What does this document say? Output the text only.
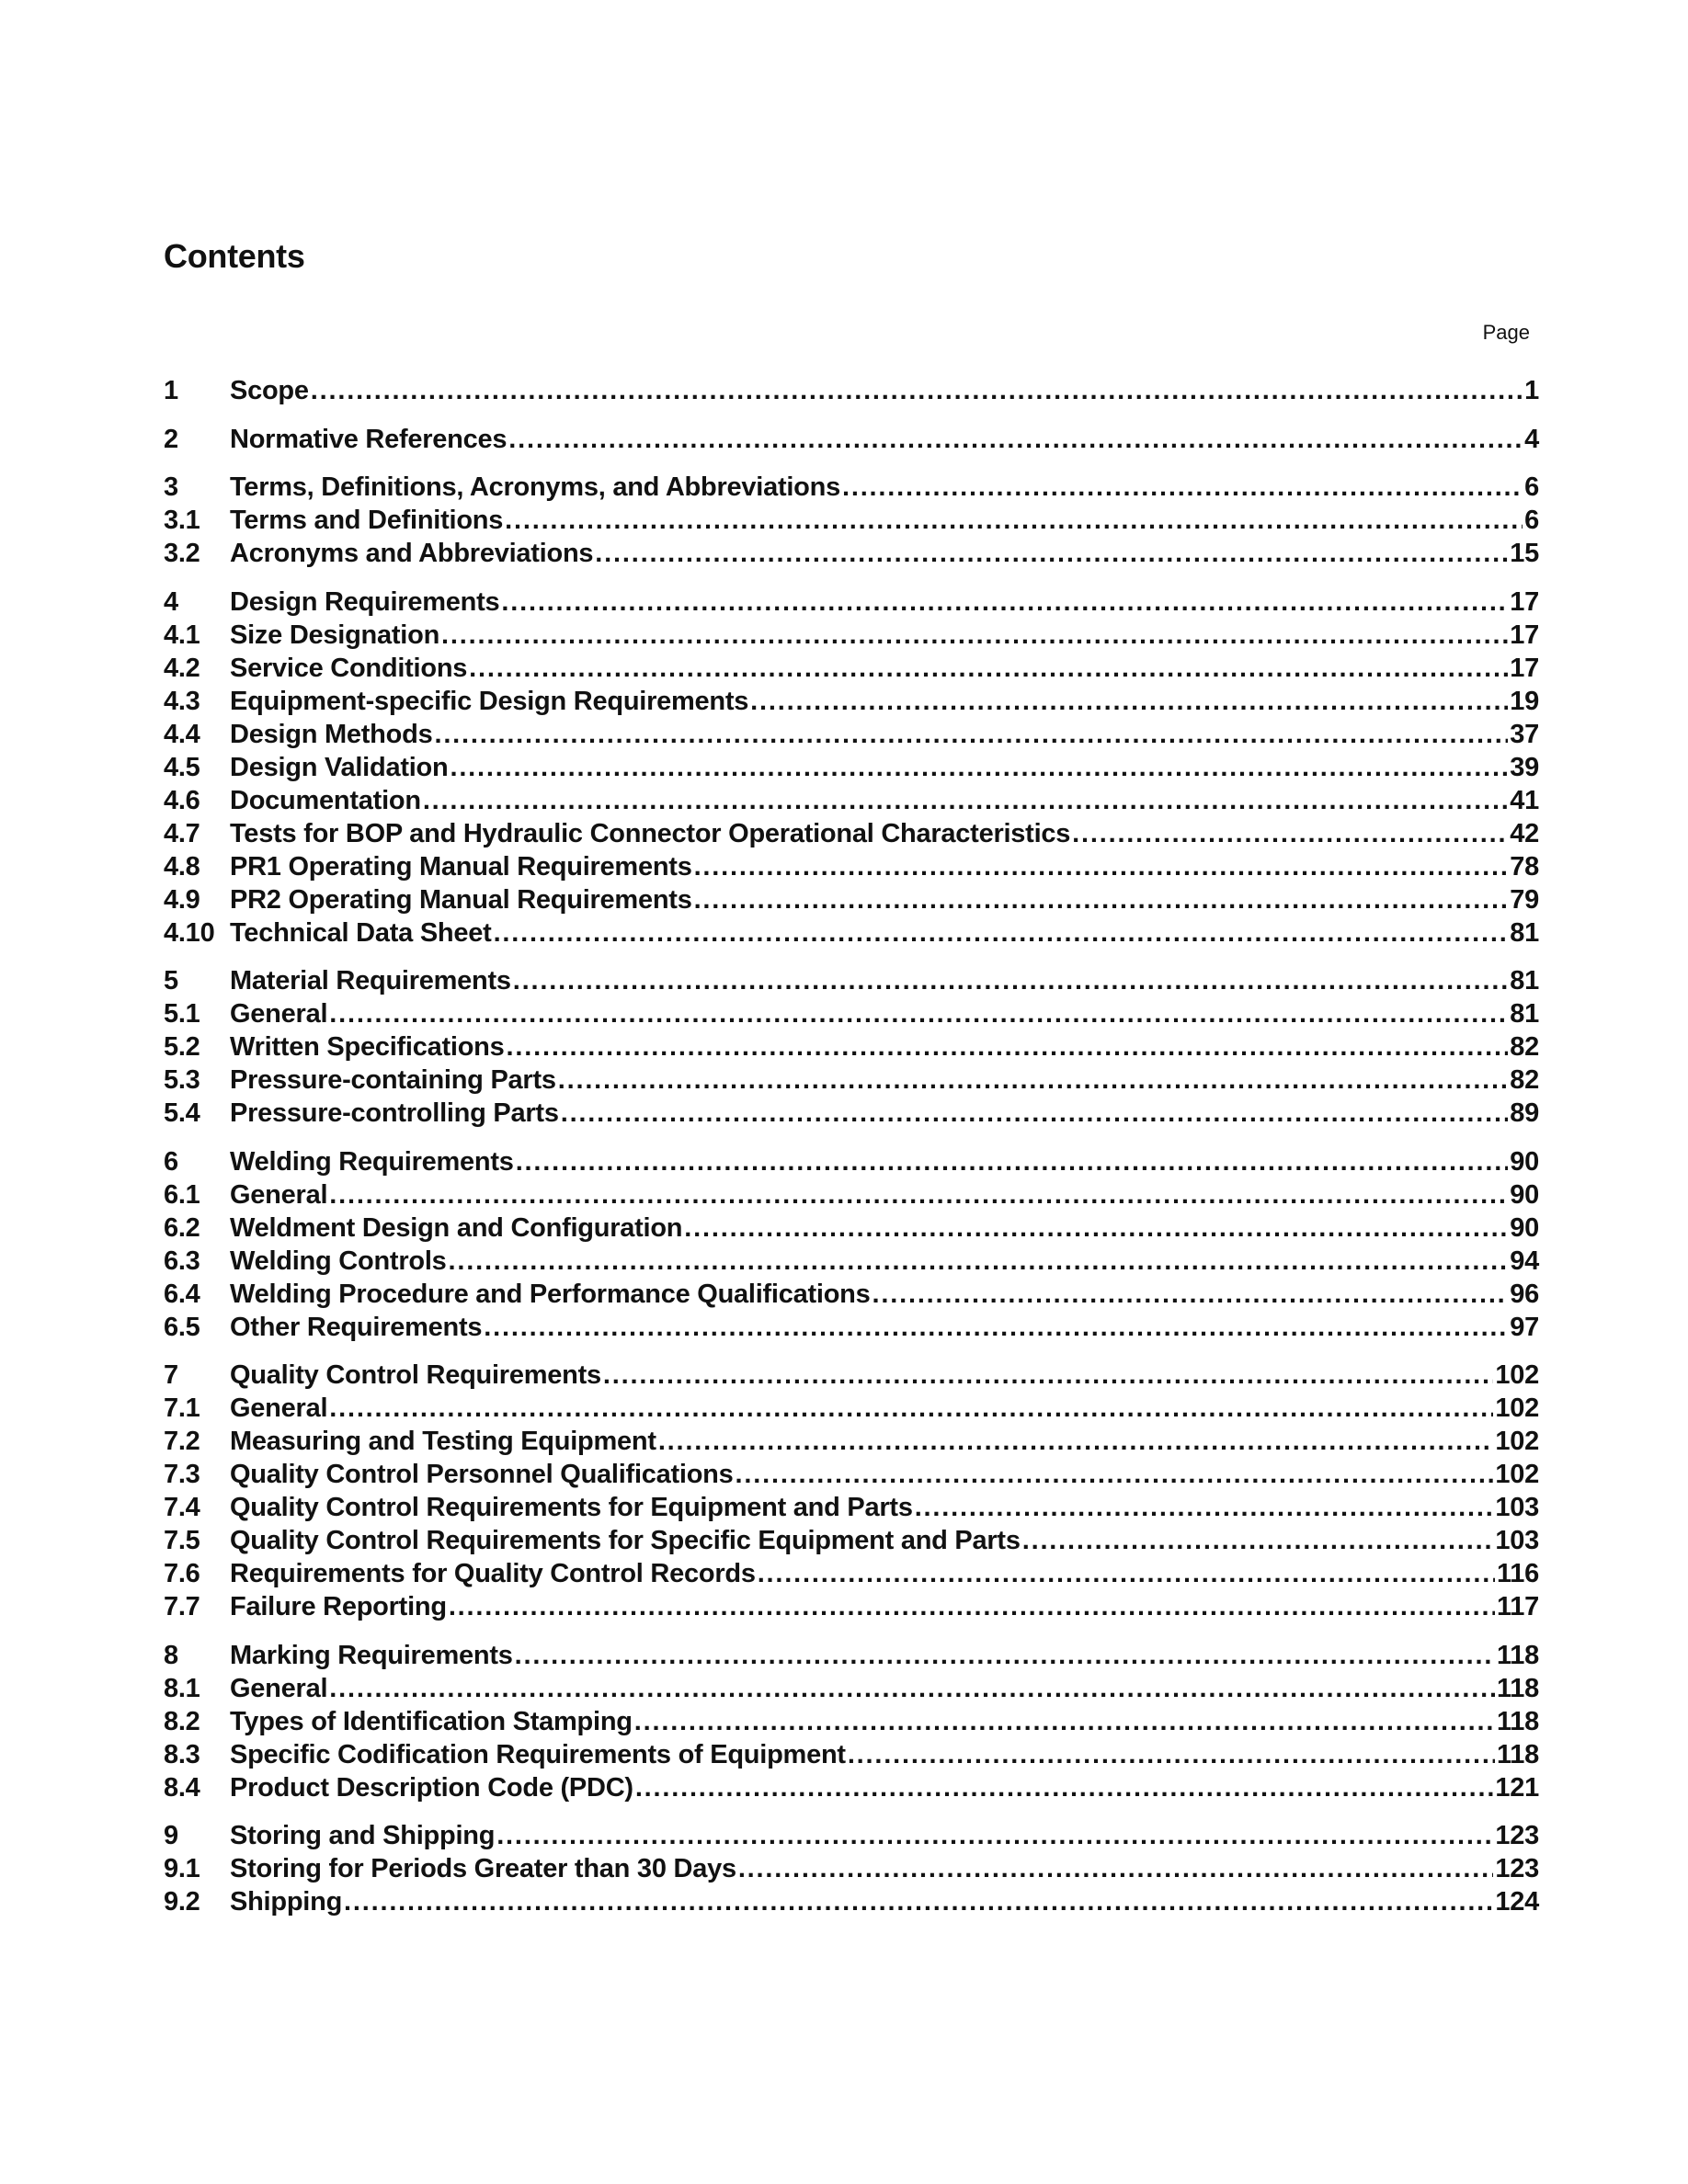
Contents
Page
1	Scope .....	1
2	Normative References .....	4
3	Terms, Definitions, Acronyms, and Abbreviations .....	6
3.1	Terms and Definitions .....	6
3.2	Acronyms and Abbreviations .....	15
4	Design Requirements .....	17
4.1	Size Designation .....	17
4.2	Service Conditions .....	17
4.3	Equipment-specific Design Requirements .....	19
4.4	Design Methods .....	37
4.5	Design Validation .....	39
4.6	Documentation .....	41
4.7	Tests for BOP and Hydraulic Connector Operational Characteristics .....	42
4.8	PR1 Operating Manual Requirements .....	78
4.9	PR2 Operating Manual Requirements .....	79
4.10 Technical Data Sheet .....	81
5	Material Requirements .....	81
5.1	General .....	81
5.2	Written Specifications .....	82
5.3	Pressure-containing Parts .....	82
5.4	Pressure-controlling Parts .....	89
6	Welding Requirements .....	90
6.1	General .....	90
6.2	Weldment Design and Configuration .....	90
6.3	Welding Controls .....	94
6.4	Welding Procedure and Performance Qualifications .....	96
6.5	Other Requirements .....	97
7	Quality Control Requirements .....	102
7.1	General .....	102
7.2	Measuring and Testing Equipment .....	102
7.3	Quality Control Personnel Qualifications .....	102
7.4	Quality Control Requirements for Equipment and Parts .....	103
7.5	Quality Control Requirements for Specific Equipment and Parts .....	103
7.6	Requirements for Quality Control Records .....	116
7.7	Failure Reporting .....	117
8	Marking Requirements .....	118
8.1	General .....	118
8.2	Types of Identification Stamping .....	118
8.3	Specific Codification Requirements of Equipment .....	118
8.4	Product Description Code (PDC) .....	121
9	Storing and Shipping .....	123
9.1	Storing for Periods Greater than 30 Days .....	123
9.2	Shipping .....	124
